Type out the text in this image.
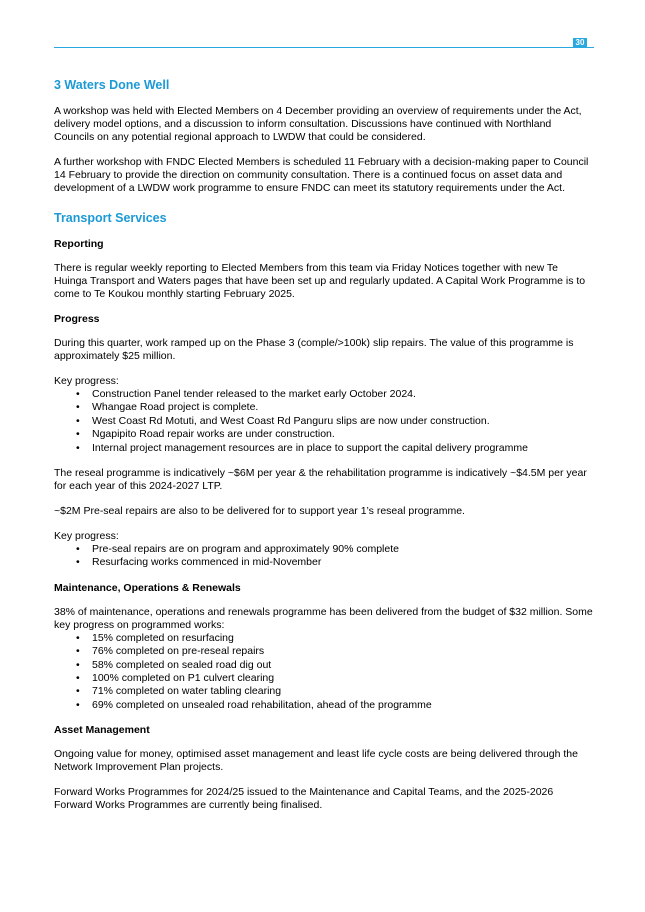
30
3 Waters Done Well

A workshop was held with Elected Members on 4 December providing an overview of requirements under the Act, delivery model options, and a discussion to inform consultation. Discussions have continued with Northland Councils on any potential regional approach to LWDW that could be considered.

A further workshop with FNDC Elected Members is scheduled 11 February with a decision-making paper to Council 14 February to provide the direction on community consultation. There is a continued focus on asset data and development of a LWDW work programme to ensure FNDC can meet its statutory requirements under the Act.

Transport Services
Reporting

There is regular weekly reporting to Elected Members from this team via Friday Notices together with new Te Huinga Transport and Waters pages that have been set up and regularly updated. A Capital Work Programme is to come to Te Koukou monthly starting February 2025.

Progress

During this quarter, work ramped up on the Phase 3 (comple/>100k) slip repairs. The value of this programme is approximately $25 million.

Key progress:

• Construction Panel tender released to the market early October 2024.
• Whangae Road project is complete.
• West Coast Rd Motuti, and West Coast Rd Panguru slips are now under construction.
• Ngapipito Road repair works are under construction.
• Internal project management resources are in place to support the capital delivery programme

The reseal programme is indicatively ~$6M per year & the rehabilitation programme is indicatively ~$4.5M per year for each year of this 2024-2027 LTP.

~$2M Pre-seal repairs are also to be delivered for to support year 1’s reseal programme.

Key progress:

• Pre-seal repairs are on program and approximately 90% complete
• Resurfacing works commenced in mid-November
Maintenance, Operations & Renewals

38% of maintenance, operations and renewals programme has been delivered from the budget of $32 million. Some key progress on programmed works:

• 15% completed on resurfacing
• 76% completed on pre-reseal repairs
• 58% completed on sealed road dig out
• 100% completed on P1 culvert clearing
• 71% completed on water tabling clearing
• 69% completed on unsealed road rehabilitation, ahead of the programme
Asset Management

Ongoing value for money, optimised asset management and least life cycle costs are being delivered through the Network Improvement Plan projects.

Forward Works Programmes for 2024/25 issued to the Maintenance and Capital Teams, and the 2025-2026 Forward Works Programmes are currently being finalised.
